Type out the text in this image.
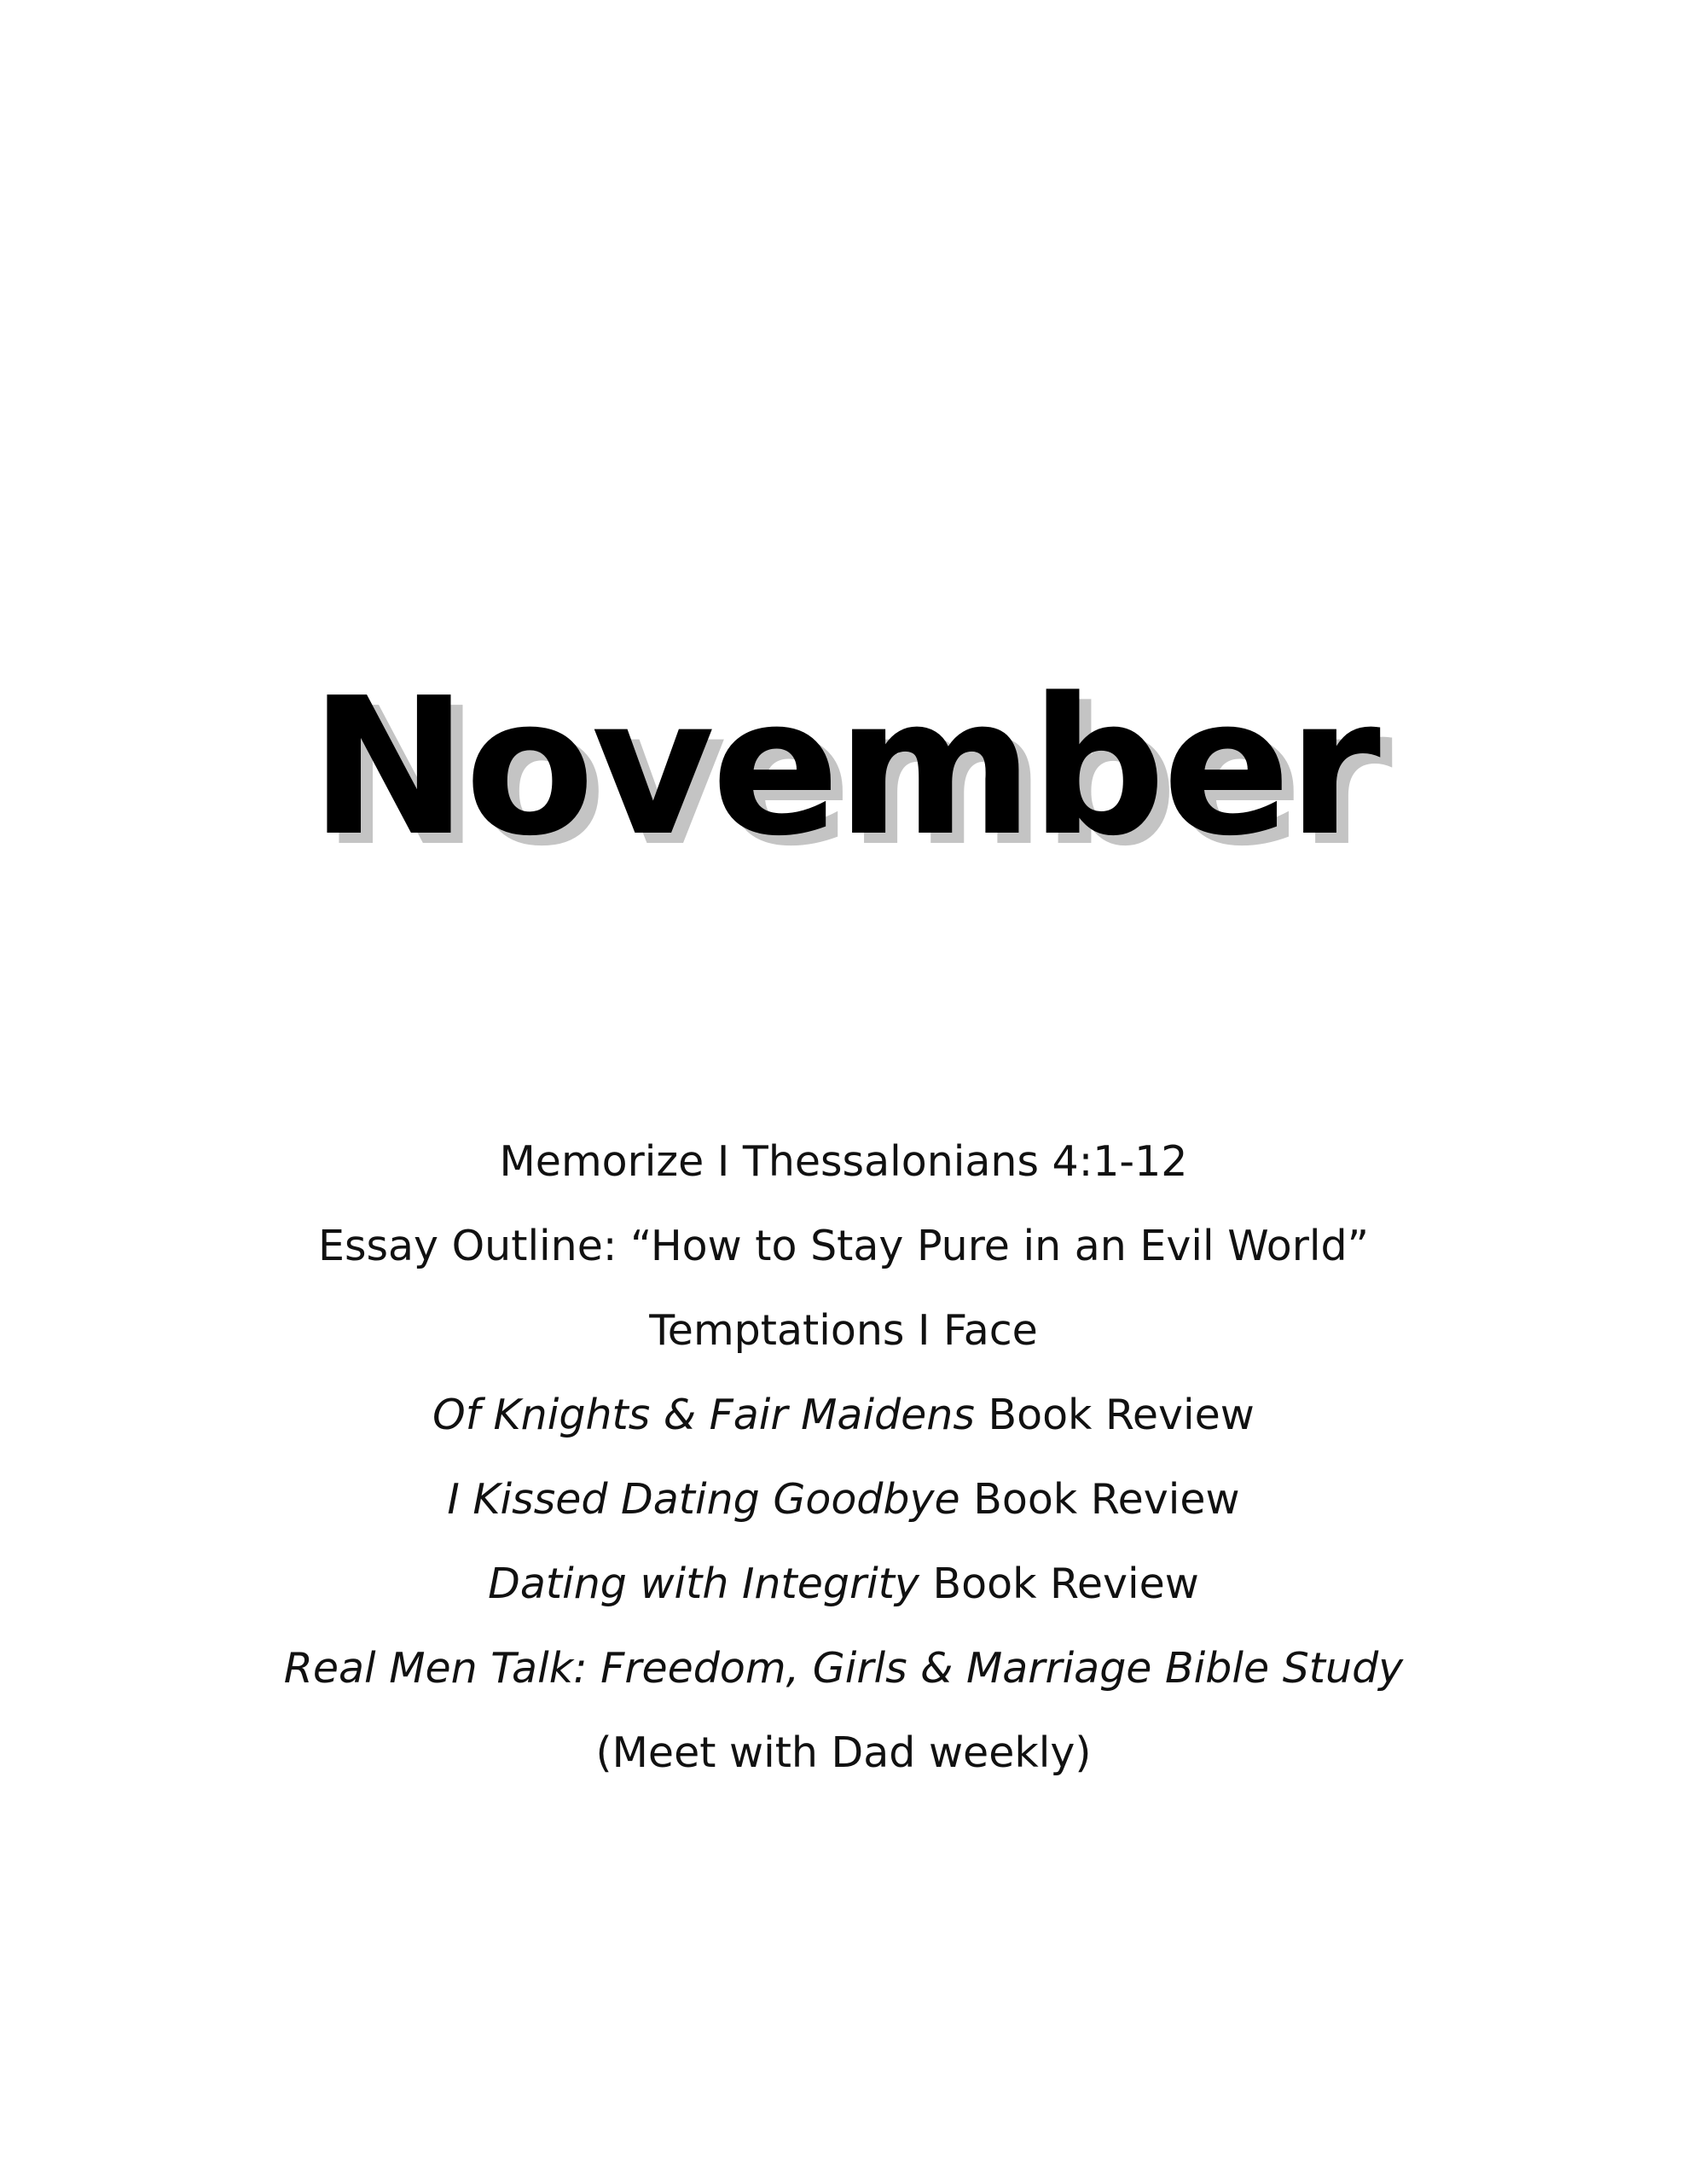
November
Memorize I Thessalonians 4:1-12
Essay Outline: “How to Stay Pure in an Evil World”
Temptations I Face
Of Knights & Fair Maidens Book Review
I Kissed Dating Goodbye Book Review
Dating with Integrity Book Review
Real Men Talk: Freedom, Girls & Marriage Bible Study
(Meet with Dad weekly)
